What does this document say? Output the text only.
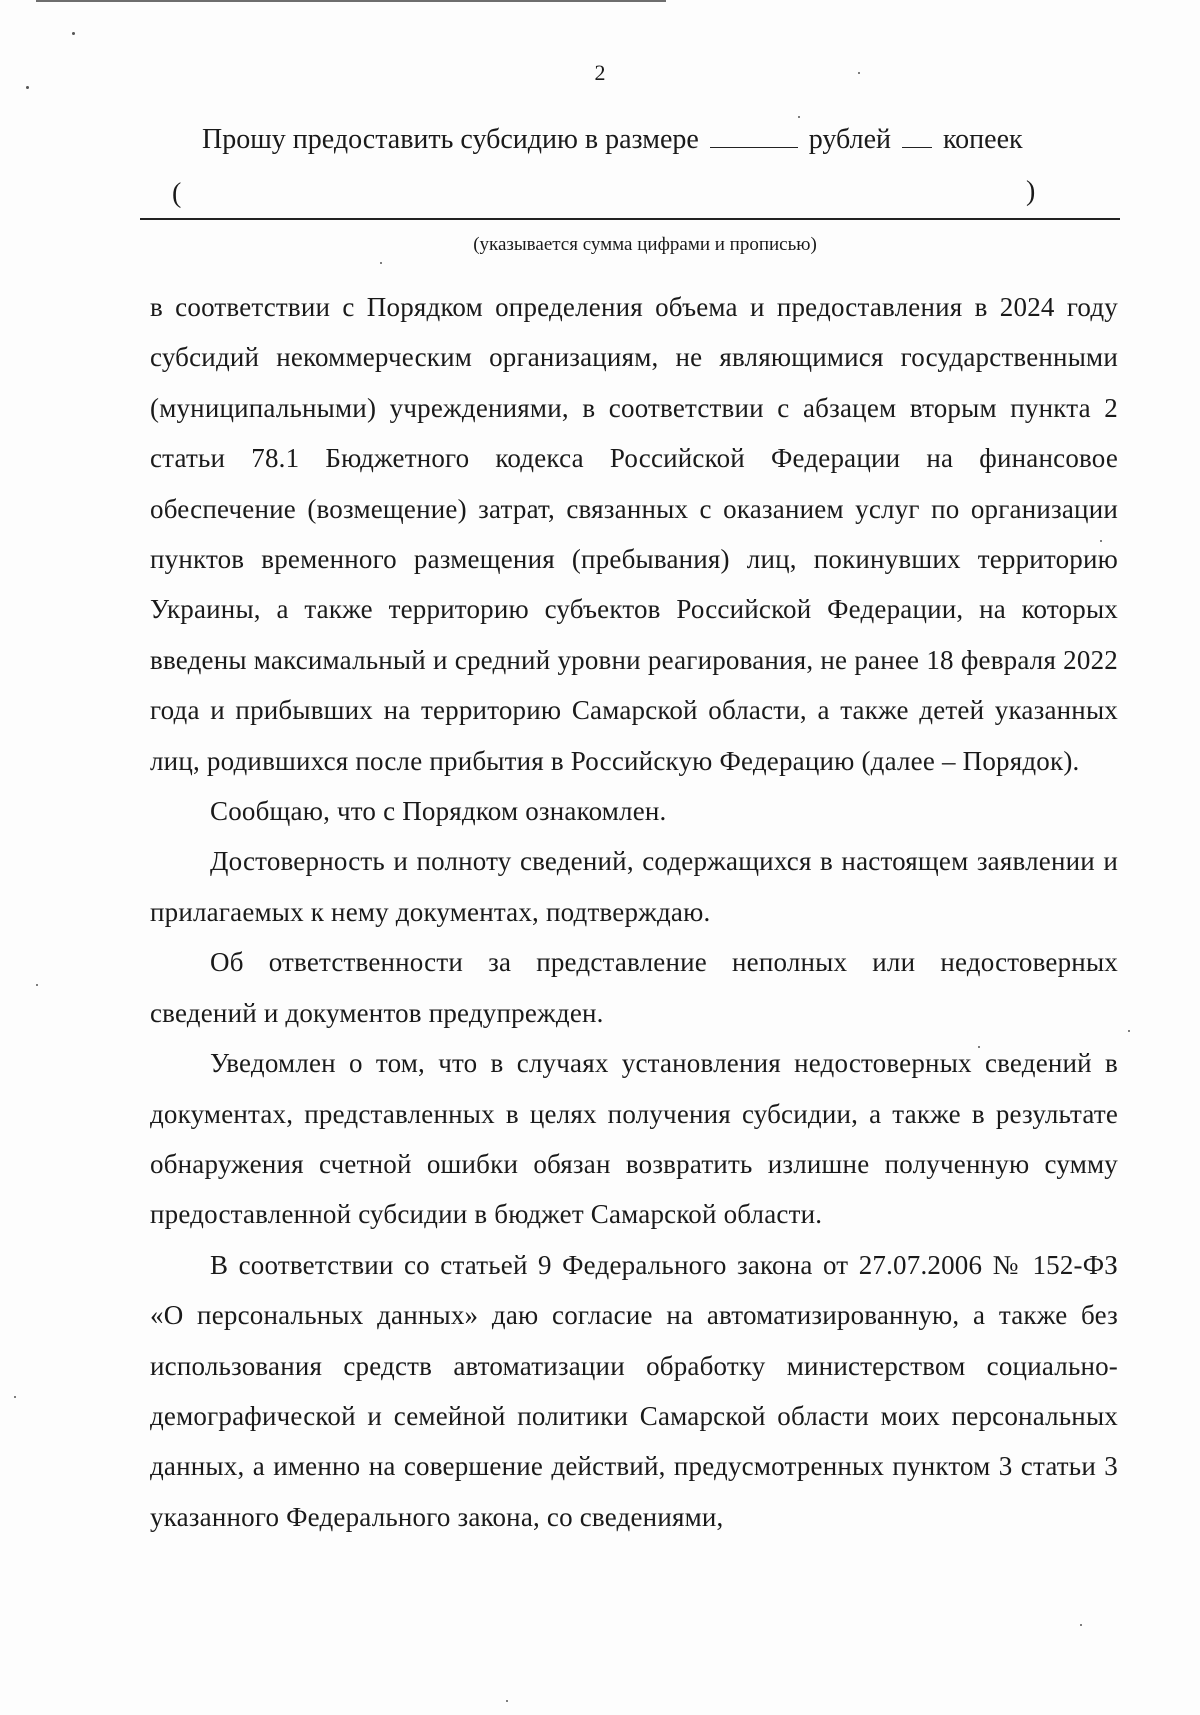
2
Прошу предоставить субсидию в размере	рублей копеек
(	)
(указывается сумма цифрами и прописью)

в соответствии с Порядком определения объема и предоставления в 2024 году субсидий некоммерческим организациям, не являющимися государственными (муниципальными) учреждениями, в соответствии с абзацем вторым пункта 2 статьи 78.1 Бюджетного кодекса Российской Федерации на финансовое обеспечение (возмещение) затрат, связанных с оказанием услуг по организации пунктов временного размещения (пребывания) лиц, покинувших территорию Украины, а также территорию субъектов Российской Федерации, на которых введены максимальный и средний уровни реагирования, не ранее 18 февраля 2022 года и прибывших на территорию Самарской области, а также детей указанных лиц, родившихся после прибытия в Российскую Федерацию (далее – Порядок).

Сообщаю, что с Порядком ознакомлен.

Достоверность и полноту сведений, содержащихся в настоящем заявлении и прилагаемых к нему документах, подтверждаю.

Об ответственности за представление неполных или недостоверных сведений и документов предупрежден.

Уведомлен о том, что в случаях установления недостоверных сведений в документах, представленных в целях получения субсидии, а также в результате обнаружения счетной ошибки обязан возвратить излишне полученную сумму предоставленной субсидии в бюджет Самарской области.

В соответствии со статьей 9 Федерального закона от 27.07.2006 № 152-ФЗ «О персональных данных» даю согласие на автоматизированную, а также без использования средств автоматизации обработку министерством социально-демографической и семейной политики Самарской области моих персональных данных, а именно на совершение действий, предусмотренных пунктом 3 статьи 3 указанного Федерального закона, со сведениями,
